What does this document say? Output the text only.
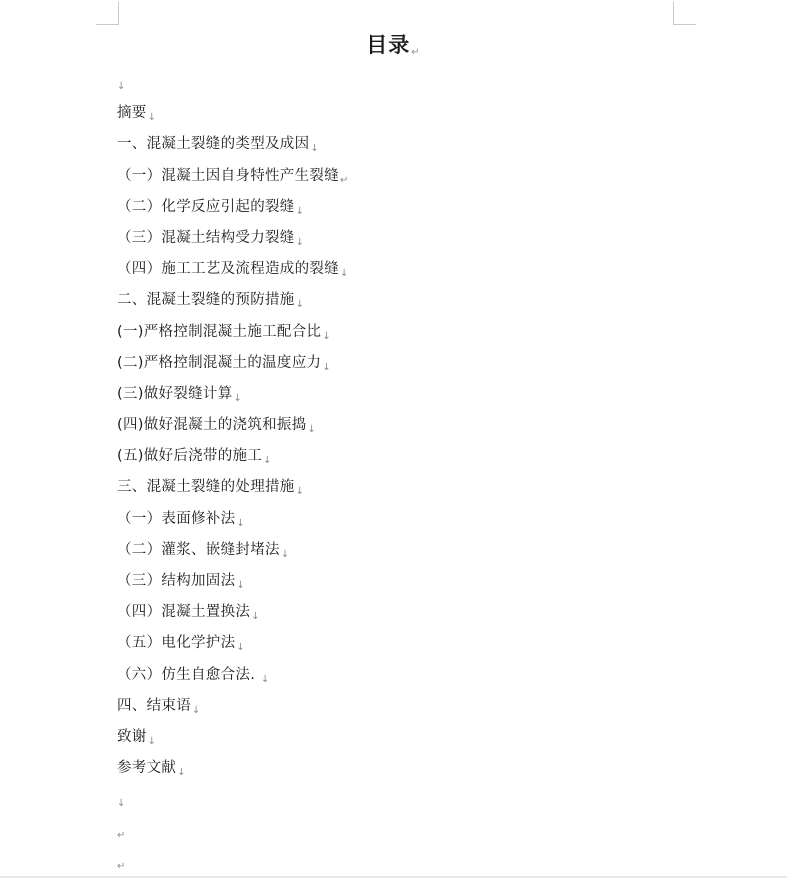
目录↵
$_↓$
摘要$_↓$
一、混凝土裂缝的类型及成因$_↓$
（一）混凝土因自身特性产生裂缝$_↵$
（二）化学反应引起的裂缝$_↓$
（三）混凝土结构受力裂缝$_↓$
（四）施工工艺及流程造成的裂缝$_↓$
二、混凝土裂缝的预防措施$_↓$
(一)严格控制混凝土施工配合比$_↓$
(二)严格控制混凝土的温度应力$_↓$
(三)做好裂缝计算$_↓$
(四)做好混凝土的浇筑和振捣$_↓$
(五)做好后浇带的施工$_↓$
三、混凝土裂缝的处理措施$_↓$
（一）表面修补法$_↓$
（二）灌浆、嵌缝封堵法$_↓$
（三）结构加固法$_↓$
（四）混凝土置换法$_↓$
（五）电化学护法$_↓$
（六）仿生自愈合法. $_↓$
四、结束语$_↓$
致谢$_↓$
参考文献$_↓$
$_↓$
$_↵$
$_↵$
